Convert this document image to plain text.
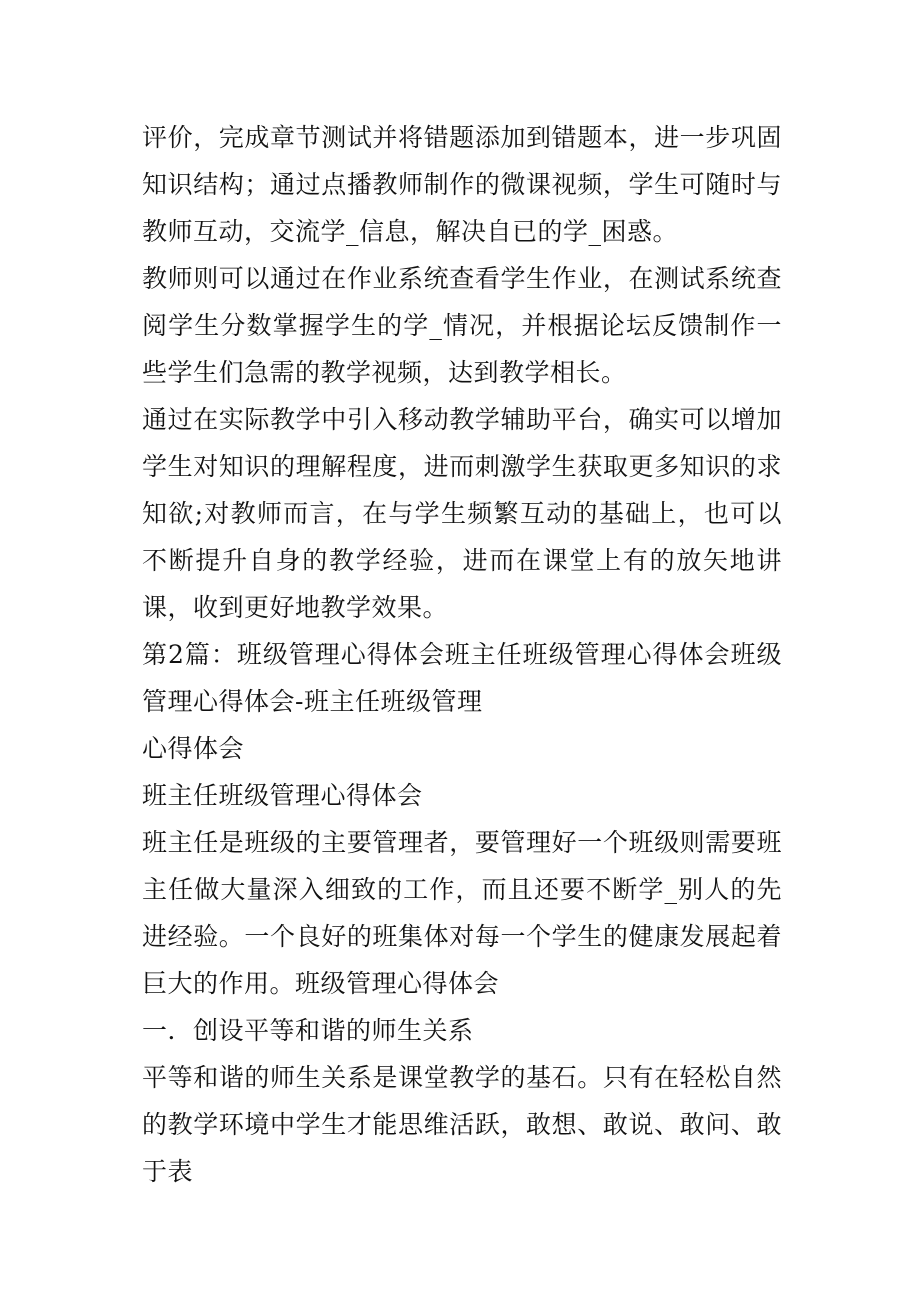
评价，完成章节测试并将错题添加到错题本，进一步巩固知识结构；通过点播教师制作的微课视频，学生可随时与教师互动，交流学_信息，解决自已的学_困惑。

教师则可以通过在作业系统查看学生作业，在测试系统查阅学生分数掌握学生的学_情况，并根据论坛反馈制作一些学生们急需的教学视频，达到教学相长。

通过在实际教学中引入移动教学辅助平台，确实可以增加学生对知识的理解程度，进而刺激学生获取更多知识的求知欲;对教师而言，在与学生频繁互动的基础上，也可以不断提升自身的教学经验，进而在课堂上有的放矢地讲课，收到更好地教学效果。

第2篇：班级管理心得体会班主任班级管理心得体会班级管理心得体会-班主任班级管理

心得体会

班主任班级管理心得体会

班主任是班级的主要管理者，要管理好一个班级则需要班主任做大量深入细致的工作，而且还要不断学_别人的先进经验。一个良好的班集体对每一个学生的健康发展起着巨大的作用。班级管理心得体会

一．创设平等和谐的师生关系

平等和谐的师生关系是课堂教学的基石。只有在轻松自然的教学环境中学生才能思维活跃，敢想、敢说、敢问、敢于表
